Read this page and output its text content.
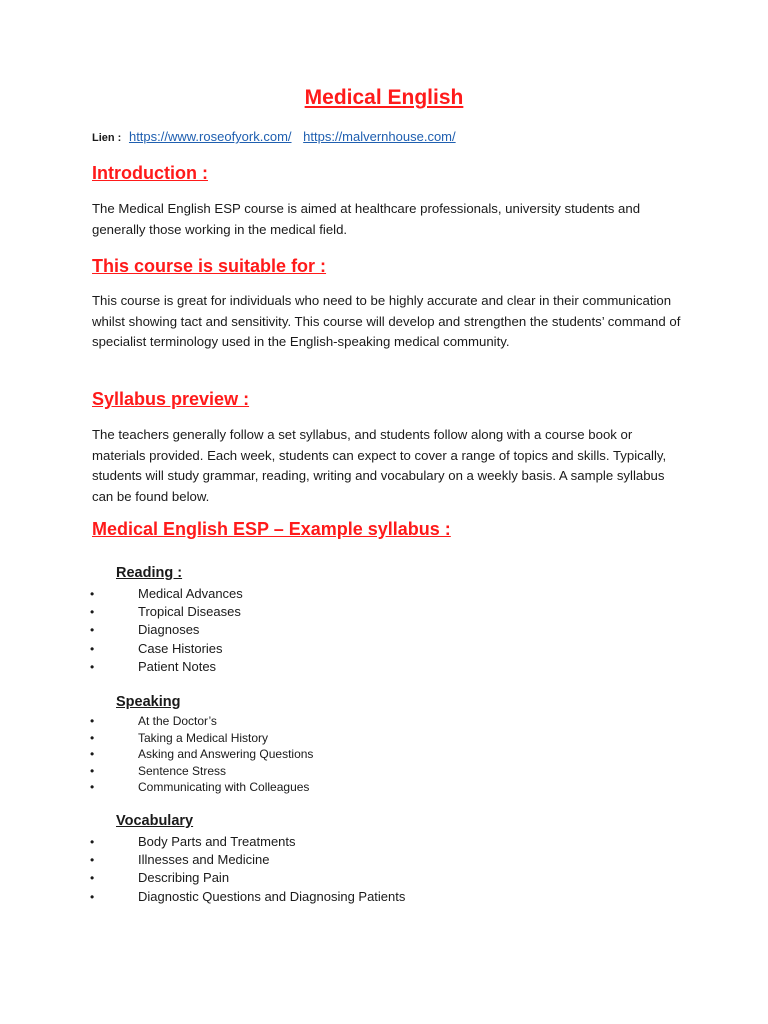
Medical English
Lien : https://www.roseofyork.com/ https://malvernhouse.com/
Introduction :
The Medical English ESP course is aimed at healthcare professionals, university students and generally those working in the medical field.
This course is suitable for :
This course is great for individuals who need to be highly accurate and clear in their communication whilst showing tact and sensitivity. This course will develop and strengthen the students’ command of specialist terminology used in the English-speaking medical community.
Syllabus preview :
The teachers generally follow a set syllabus, and students follow along with a course book or materials provided. Each week, students can expect to cover a range of topics and skills. Typically, students will study grammar, reading, writing and vocabulary on a weekly basis. A sample syllabus can be found below.
Medical English ESP – Example syllabus :
Reading :
•	Medical Advances
•	Tropical Diseases
•	Diagnoses
•	Case Histories
•	Patient Notes
Speaking
•	At the Doctor’s
•	Taking a Medical History
•	Asking and Answering Questions
•	Sentence Stress
•	Communicating with Colleagues
Vocabulary
•	Body Parts and Treatments
•	Illnesses and Medicine
•	Describing Pain
•	Diagnostic Questions and Diagnosing Patients
